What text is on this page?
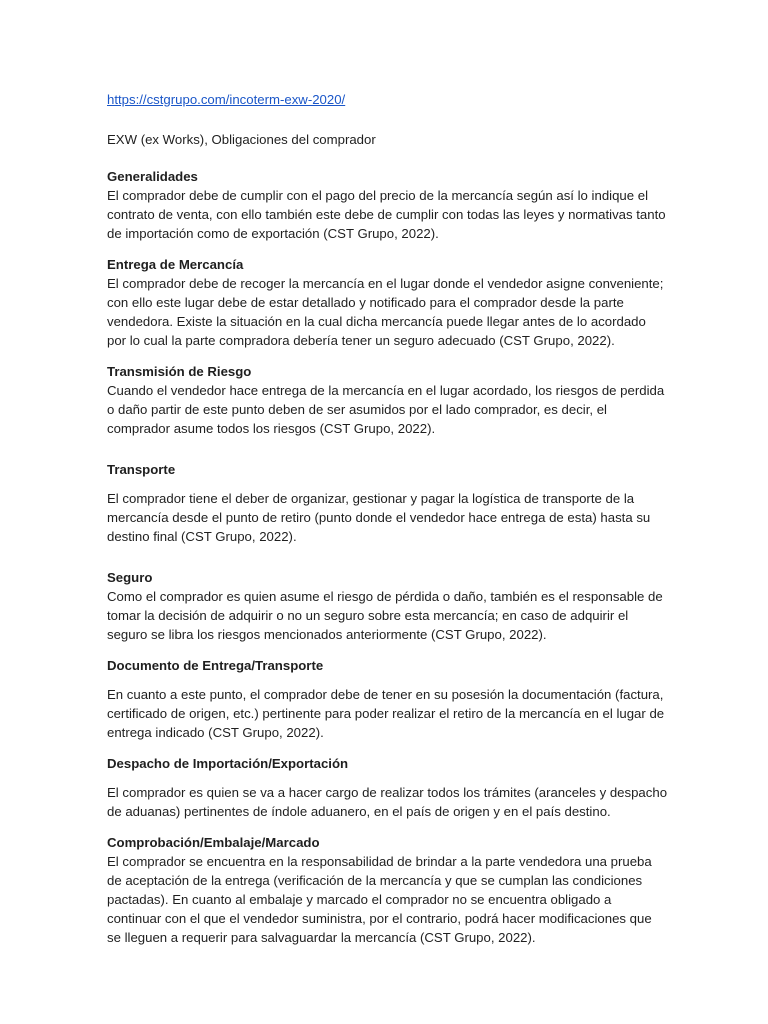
https://cstgrupo.com/incoterm-exw-2020/
EXW (ex Works), Obligaciones del comprador
Generalidades

El comprador debe de cumplir con el pago del precio de la mercancía según así lo indique el contrato de venta, con ello también este debe de cumplir con todas las leyes y normativas tanto de importación como de exportación (CST Grupo, 2022).

Entrega de Mercancía

El comprador debe de recoger la mercancía en el lugar donde el vendedor asigne conveniente; con ello este lugar debe de estar detallado y notificado para el comprador desde la parte vendedora. Existe la situación en la cual dicha mercancía puede llegar antes de lo acordado por lo cual la parte compradora debería tener un seguro adecuado (CST Grupo, 2022).

Transmisión de Riesgo

Cuando el vendedor hace entrega de la mercancía en el lugar acordado, los riesgos de perdida o daño partir de este punto deben de ser asumidos por el lado comprador, es decir, el comprador asume todos los riesgos (CST Grupo, 2022).

Transporte

El comprador tiene el deber de organizar, gestionar y pagar la logística de transporte de la mercancía desde el punto de retiro (punto donde el vendedor hace entrega de esta) hasta su destino final (CST Grupo, 2022).

Seguro

Como el comprador es quien asume el riesgo de pérdida o daño, también es el responsable de tomar la decisión de adquirir o no un seguro sobre esta mercancía; en caso de adquirir el seguro se libra los riesgos mencionados anteriormente (CST Grupo, 2022).

Documento de Entrega/Transporte

En cuanto a este punto, el comprador debe de tener en su posesión la documentación (factura, certificado de origen, etc.) pertinente para poder realizar el retiro de la mercancía en el lugar de entrega indicado (CST Grupo, 2022).

Despacho de Importación/Exportación

El comprador es quien se va a hacer cargo de realizar todos los trámites (aranceles y despacho de aduanas) pertinentes de índole aduanero, en el país de origen y en el país destino.

Comprobación/Embalaje/Marcado

El comprador se encuentra en la responsabilidad de brindar a la parte vendedora una prueba de aceptación de la entrega (verificación de la mercancía y que se cumplan las condiciones pactadas). En cuanto al embalaje y marcado el comprador no se encuentra obligado a continuar con el que el vendedor suministra, por el contrario, podrá hacer modificaciones que se lleguen a requerir para salvaguardar la mercancía (CST Grupo, 2022).
